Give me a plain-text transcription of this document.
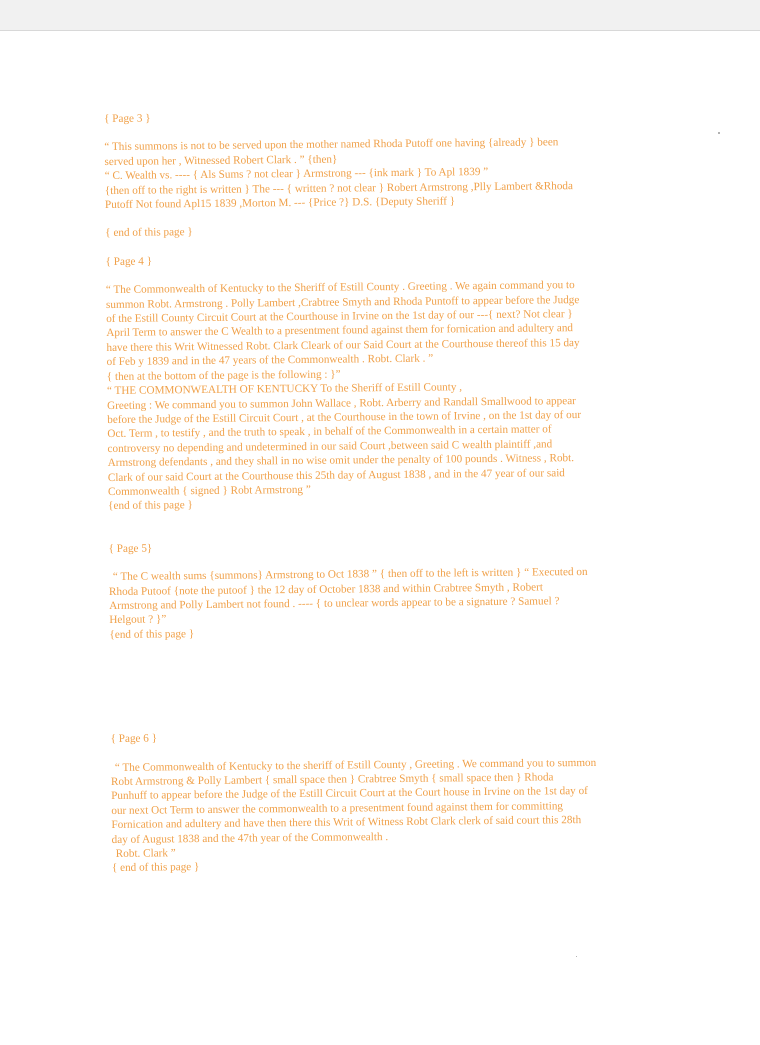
{ Page 3 }
“ This summons is not to be served upon the mother named Rhoda Putoff one having {already } been
served upon her , Witnessed Robert Clark . ” {then}
“ C. Wealth vs. ---- { Als Sums ? not clear } Armstrong --- {ink mark } To Apl 1839 ”
{then off to the right is written } The --- { written ? not clear } Robert Armstrong ,Plly Lambert &Rhoda
Putoff Not found Apl15 1839 ,Morton M. --- {Price ?} D.S. {Deputy Sheriff }
{ end of this page }
{ Page 4 }
“ The Commonwealth of Kentucky to the Sheriff of Estill County . Greeting . We again command you to
summon Robt. Armstrong . Polly Lambert ,Crabtree Smyth and Rhoda Puntoff to appear before the Judge
of the Estill County Circuit Court at the Courthouse in Irvine on the 1st day of our ---{ next? Not clear }
April Term to answer the C Wealth to a presentment found against them for fornication and adultery and
have there this Writ Witnessed Robt. Clark Cleark of our Said Court at the Courthouse thereof this 15 day
of Feb y 1839 and in the 47 years of the Commonwealth . Robt. Clark . ”
{ then at the bottom of the page is the following : }”
“ THE COMMONWEALTH OF KENTUCKY To the Sheriff of Estill County ,
Greeting : We command you to summon John Wallace , Robt. Arberry and Randall Smallwood to appear
before the Judge of the Estill Circuit Court , at the Courthouse in the town of Irvine , on the 1st day of our
Oct. Term , to testify , and the truth to speak , in behalf of the Commonwealth in a certain matter of
controversy no depending and undetermined in our said Court ,between said C wealth plaintiff ,and
Armstrong defendants , and they shall in no wise omit under the penalty of 100 pounds . Witness , Robt.
Clark of our said Court at the Courthouse this 25th day of August 1838 , and in the 47 year of our said
Commonwealth { signed } Robt Armstrong ”
{end of this page }
{ Page 5}
“ The C wealth sums {summons} Armstrong to Oct 1838 ” { then off to the left is written } “ Executed on
Rhoda Putoof {note the putoof } the 12 day of October 1838 and within Crabtree Smyth , Robert
Armstrong and Polly Lambert not found . ---- { to unclear words appear to be a signature ? Samuel ?
Helgout ? }”
{end of this page }
{ Page 6 }
“ The Commonwealth of Kentucky to the sheriff of Estill County , Greeting . We command you to summon
Robt Armstrong & Polly Lambert { small space then } Crabtree Smyth { small space then } Rhoda
Punhuff to appear before the Judge of the Estill Circuit Court at the Court house in Irvine on the 1st day of
our next Oct Term to answer the commonwealth to a presentment found against them for committing
Fornication and adultery and have then there this Writ of Witness Robt Clark clerk of said court this 28th
day of August 1838 and the 47th year of the Commonwealth .
Robt. Clark ”
{ end of this page }
